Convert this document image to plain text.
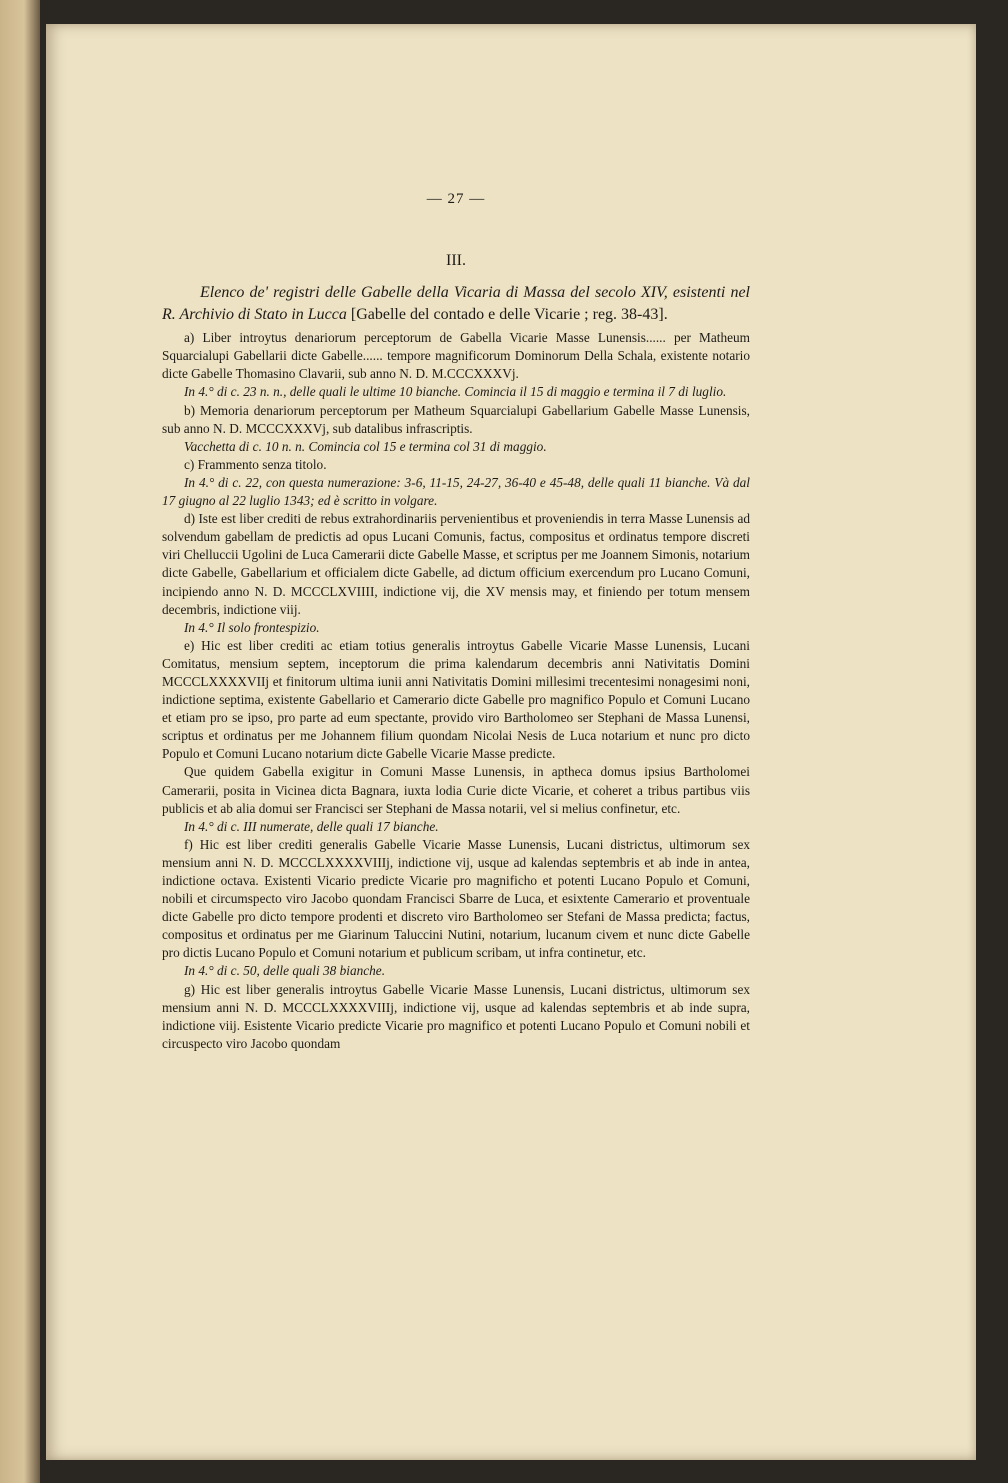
— 27 —
III.
Elenco de' registri delle Gabelle della Vicaria di Massa del secolo XIV, esistenti nel R. Archivio di Stato in Lucca [Gabelle del contado e delle Vicarie ; reg. 38-43].

a) Liber introytus denariorum perceptorum de Gabella Vicarie Masse Lunensis...... per Matheum Squarcialupi Gabellarii dicte Gabelle...... tempore magnificorum Dominorum Della Schala, existente notario dicte Gabelle Thomasino Clavarii, sub anno N. D. M.CCCXXXVj.

In 4.° di c. 23 n. n., delle quali le ultime 10 bianche. Comincia il 15 di maggio e termina il 7 di luglio.

b) Memoria denariorum perceptorum per Matheum Squarcialupi Gabellarium Gabelle Masse Lunensis, sub anno N. D. MCCCXXXVj, sub datalibus infrascriptis.

Vacchetta di c. 10 n. n. Comincia col 15 e termina col 31 di maggio.

c) Frammento senza titolo.

In 4.° di c. 22, con questa numerazione: 3-6, 11-15, 24-27, 36-40 e 45-48, delle quali 11 bianche. Và dal 17 giugno al 22 luglio 1343; ed è scritto in volgare.

d) Iste est liber crediti de rebus extrahordinariis pervenientibus et proveniendis in terra Masse Lunensis ad solvendum gabellam de predictis ad opus Lucani Comunis, factus, compositus et ordinatus tempore discreti viri Chelluccii Ugolini de Luca Camerarii dicte Gabelle Masse, et scriptus per me Joannem Simonis, notarium dicte Gabelle, Gabellarium et officialem dicte Gabelle, ad dictum officium exercendum pro Lucano Comuni, incipiendo anno N. D. MCCCLXVIIII, indictione vij, die XV mensis may, et finiendo per totum mensem decembris, indictione viij.

In 4.° Il solo frontespizio.

e) Hic est liber crediti ac etiam totius generalis introytus Gabelle Vicarie Masse Lunensis, Lucani Comitatus, mensium septem, inceptorum die prima kalendarum decembris anni Nativitatis Domini MCCCLXXXXVIIj et finitorum ultima iunii anni Nativitatis Domini millesimi trecentesimi nonagesimi noni, indictione septima, existente Gabellario et Camerario dicte Gabelle pro magnifico Populo et Comuni Lucano et etiam pro se ipso, pro parte ad eum spectante, provido viro Bartholomeo ser Stephani de Massa Lunensi, scriptus et ordinatus per me Johannem filium quondam Nicolai Nesis de Luca notarium et nunc pro dicto Populo et Comuni Lucano notarium dicte Gabelle Vicarie Masse predicte.

Que quidem Gabella exigitur in Comuni Masse Lunensis, in aptheca domus ipsius Bartholomei Camerarii, posita in Vicinea dicta Bagnara, iuxta lodia Curie dicte Vicarie, et coheret a tribus partibus viis publicis et ab alia domui ser Francisci ser Stephani de Massa notarii, vel si melius confinetur, etc.

In 4.° di c. III numerate, delle quali 17 bianche.

f) Hic est liber crediti generalis Gabelle Vicarie Masse Lunensis, Lucani districtus, ultimorum sex mensium anni N. D. MCCCLXXXXVIIIj, indictione vij, usque ad kalendas septembris et ab inde in antea, indictione octava. Existenti Vicario predicte Vicarie pro magnificho et potenti Lucano Populo et Comuni, nobili et circumspecto viro Jacobo quondam Francisci Sbarre de Luca, et esixtente Camerario et proventuale dicte Gabelle pro dicto tempore prodenti et discreto viro Bartholomeo ser Stefani de Massa predicta; factus, compositus et ordinatus per me Giarinum Taluccini Nutini, notarium, lucanum civem et nunc dicte Gabelle pro dictis Lucano Populo et Comuni notarium et publicum scribam, ut infra continetur, etc.

In 4.° di c. 50, delle quali 38 bianche.

g) Hic est liber generalis introytus Gabelle Vicarie Masse Lunensis, Lucani districtus, ultimorum sex mensium anni N. D. MCCCLXXXXVIIIj, indictione vij, usque ad kalendas septembris et ab inde supra, indictione viij. Esistente Vicario predicte Vicarie pro magnifico et potenti Lucano Populo et Comuni nobili et circuspecto viro Jacobo quondam
